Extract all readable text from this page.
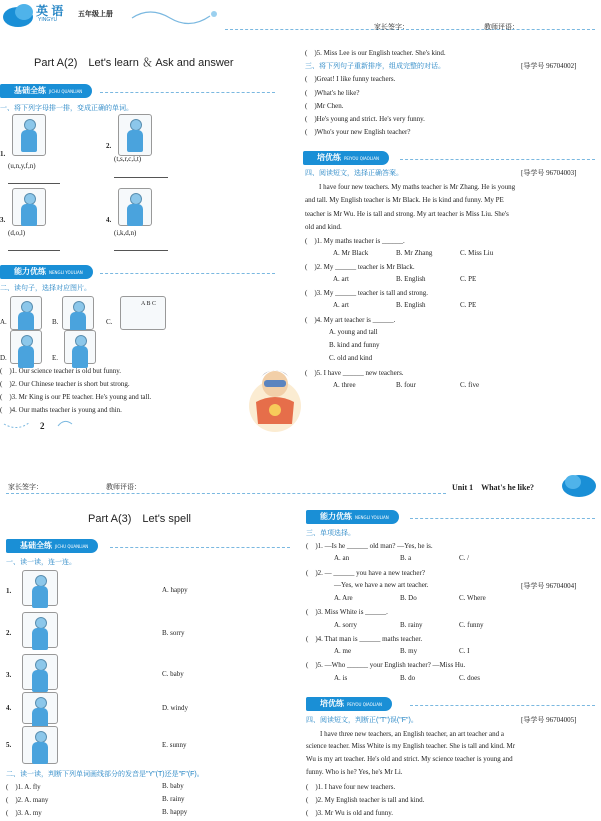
英 语
YINGYU
五年级上册
家长签字：	教师评语：
Part A(2)　Let's learn ＆ Ask and answer
基础全练 JICHU QUANLIAN
一、将下列字母排一排，变成正确的单词。
1.
(u,n,y,f,n)
2.
(t,s,r,c,i,t)
3.
(d,o,l)
4.
(i,k,d,n)
能力优练 NENGLI YOULIAN
二、读句子，选择对应图片。
A.	B.	C.
A B C
D.	E.
(　)1. Our science teacher is old but funny.
(　)2. Our Chinese teacher is short but strong.
(　)3. Mr King is our PE teacher. He's young and tall.
(　)4. Our maths teacher is young and thin.
2
(　)5. Miss Lee is our English teacher. She's kind.
三、将下列句子重新排序，组成完整的对话。	[导学号 96704002]
(　)Great! I like funny teachers.
(　)What's he like?
(　)Mr Chen.
(　)He's young and strict. He's very funny.
(　)Who's your new English teacher?
培优练 PEIYOU QIAOLIAN
四、阅读短文，选择正确答案。	[导学号 96704003]
　　I have four new teachers. My maths teacher is Mr Zhang. He is young
and tall. My English teacher is Mr Black. He is kind and funny. My PE
teacher is Mr Wu. He is tall and strong. My art teacher is Miss Liu. She's
old and kind.
(　)1. My maths teacher is ______.
A. Mr Black	B. Mr Zhang	C. Miss Liu
(　)2. My ______ teacher is Mr Black.
A. art	B. English	C. PE
(　)3. My ______ teacher is tall and strong.
A. art	B. English	C. PE
(　)4. My art teacher is ______.
A. young and tall
B. kind and funny
C. old and kind
(　)5. I have ______ new teachers.
A. three	B. four	C. five
家长签字：	教师评语：	Unit 1　What's he like?
Part A(3)　Let's spell
基础全练 JICHU QUANLIAN
一、读一读，连一连。
1.	A. happy
2.	B. sorry
3.	C. baby
4.	D. windy
5.	E. sunny
二、读一读，判断下列单词画线部分的发音是"Y"(T)还是"F"(F)。
(　)1. A. fly	B. baby
(　)2. A. many	B. rainy
(　)3. A. my	B. happy
能力优练 NENGLI YOULIAN
三、单项选择。
(　)1. —Is he ______ old man? —Yes, he is.
A. an	B. a	C. /
(　)2. — ______ you have a new teacher?
—Yes, we have a new art teacher.	[导学号 96704004]
A. Are	B. Do	C. Where
(　)3. Miss White is ______.
A. sorry	B. rainy	C. funny
(　)4. That man is ______ maths teacher.
A. me	B. my	C. I
(　)5. —Who ______ your English teacher? —Miss Hu.
A. is	B. do	C. does
培优练 PEIYOU QIAOLIAN
四、阅读短文，判断正("T")误("F")。	[导学号 96704005]
　　I have three new teachers, an English teacher, an art teacher and a
science teacher. Miss White is my English teacher. She is tall and kind. Mr
Wu is my art teacher. He's old and strict. My science teacher is young and
funny. Who is he? Yes, he's Mr Li.
(　)1. I have four new teachers.
(　)2. My English teacher is tall and kind.
(　)3. Mr Wu is old and funny.
